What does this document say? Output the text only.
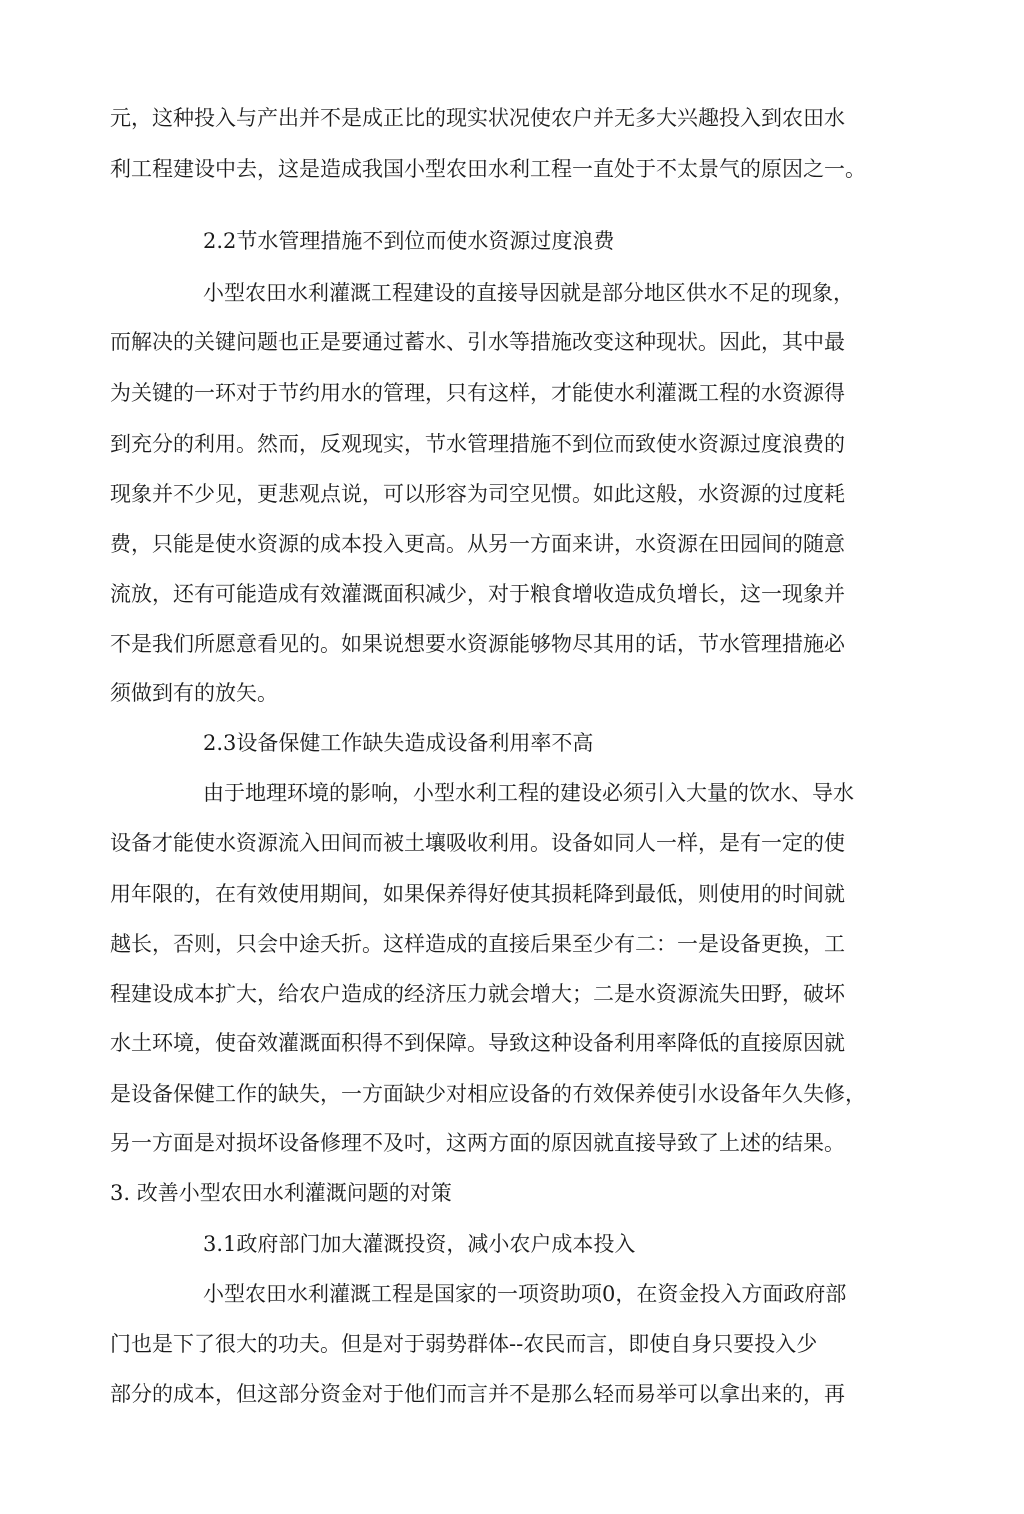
元，这种投入与产出并不是成正比的现实状况使农户并无多大兴趣投入到农田水
利工程建设中去，这是造成我国小型农田水利工程一直处于不太景气的原因之一。
2.2节水管理措施不到位而使水资源过度浪费
小型农田水利灌溉工程建设的直接导因就是部分地区供水不足的现象，
而解决的关键问题也正是要通过蓄水、引水等措施改变这种现状。因此，其中最
为关键的一环对于节约用水的管理，只有这样，才能使水利灌溉工程的水资源得
到充分的利用。然而，反观现实，节水管理措施不到位而致使水资源过度浪费的
现象并不少见，更悲观点说，可以形容为司空见惯。如此这般，水资源的过度耗
费，只能是使水资源的成本投入更高。从另一方面来讲，水资源在田园间的随意
流放，还有可能造成有效灌溉面积减少，对于粮食增收造成负增长，这一现象并
不是我们所愿意看见的。如果说想要水资源能够物尽其用的话，节水管理措施必
须做到有的放矢。
2.3设备保健工作缺失造成设备利用率不高
由于地理环境的影响，小型水利工程的建设必须引入大量的饮水、导水
设备才能使水资源流入田间而被土壤吸收利用。设备如同人一样，是有一定的使
用年限的，在有效使用期间，如果保养得好使其损耗降到最低，则使用的时间就
越长，否则，只会中途夭折。这样造成的直接后果至少有二：一是设备更换，工
程建设成本扩大，给农户造成的经济压力就会增大；二是水资源流失田野，破坏
水土环境，使奋效灌溉面积得不到保障。导致这种设备利用率降低的直接原因就
是设备保健工作的缺失，一方面缺少对相应设备的冇效保养使引水设备年久失修，
另一方面是对损坏设备修理不及吋，这两方面的原因就直接导致了上述的结果。
3. 改善小型农田水利灌溉问题的对策
3.1政府部门加大灌溉投资，减小农户成本投入
小型农田水利灌溉工程是国家的一项资助项0，在资金投入方面政府部
门也是下了很大的功夫。但是对于弱势群体--农民而言，即使自身只要投入少
部分的成本，但这部分资金对于他们而言并不是那么轻而易举可以拿出来的，再
